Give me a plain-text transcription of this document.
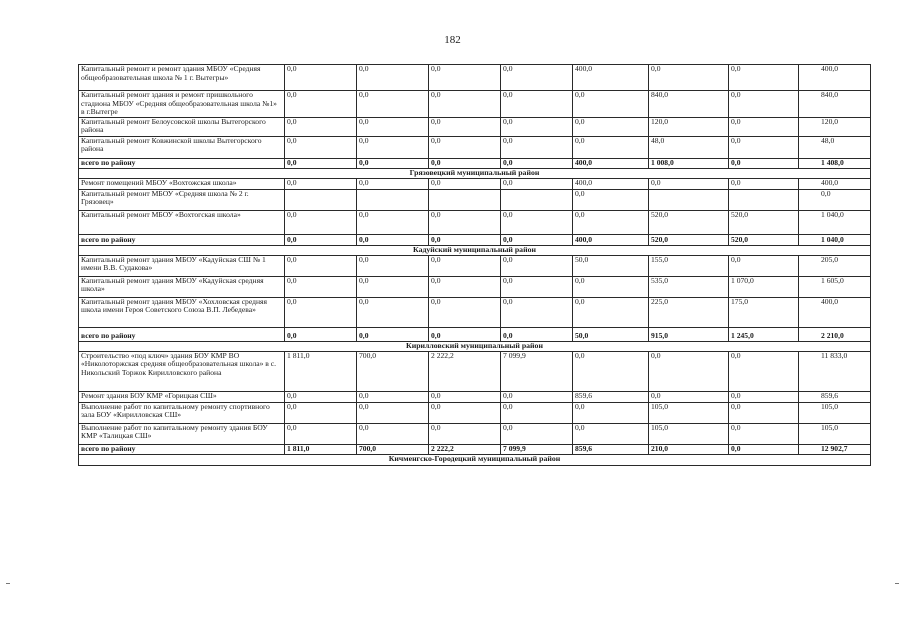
182
Капитальный ремонт и ремонт здания МБОУ «Средняя общеобразовательная школа № 1 г. Вытегры»	0,0	0,0	0,0	0,0	400,0	0,0	0,0	400,0
Капитальный ремонт здания и ремонт пришкольного стадиона МБОУ «Средняя общеобразовательная школа №1» в г.Вытегре	0,0	0,0	0,0	0,0	0,0	840,0	0,0	840,0
Капитальный ремонт Белоусовской школы Вытегорского района	0,0	0,0	0,0	0,0	0,0	120,0	0,0	120,0
Капитальный ремонт Ковжинской школы Вытегорского района	0,0	0,0	0,0	0,0	0,0	48,0	0,0	48,0
всего по району	0,0	0,0	0,0	0,0	400,0	1 008,0	0,0	1 408,0
Грязовецкий муниципальный район								
Ремонт помещений МБОУ «Вохтожская школа»	0,0	0,0	0,0	0,0	400,0	0,0	0,0	400,0
Капитальный ремонт МБОУ «Средняя школа № 2 г. Грязовец»					0,0			0,0
Капитальный ремонт МБОУ «Вохтогская школа»	0,0	0,0	0,0	0,0	0,0	520,0	520,0	1 040,0
всего по району	0,0	0,0	0,0	0,0	400,0	520,0	520,0	1 040,0
Кадуйский муниципальный район								
Капитальный ремонт здания МБОУ «Кадуйская СШ № 1 имени В.В. Судакова»	0,0	0,0	0,0	0,0	50,0	155,0	0,0	205,0
Капитальный ремонт здания МБОУ «Кадуйская средняя школа»	0,0	0,0	0,0	0,0	0,0	535,0	1 070,0	1 605,0
Капитальный ремонт здания МБОУ «Хохловская средняя школа имени Героя Советского Союза В.П. Лебедева»	0,0	0,0	0,0	0,0	0,0	225,0	175,0	400,0
всего по району	0,0	0,0	0,0	0,0	50,0	915,0	1 245,0	2 210,0
Кирилловский муниципальный район								
Строительство «под ключ» здания БОУ КМР ВО «Николоторжская средняя общеобразовательная школа» в с. Никольский Торжок Кирилловского района	1 811,0	700,0	2 222,2	7 099,9	0,0	0,0	0,0	11 833,0
Ремонт здания БОУ КМР «Горицкая СШ»	0,0	0,0	0,0	0,0	859,6	0,0	0,0	859,6
Выполнение работ по капитальному ремонту спортивного зала БОУ «Кирилловская СШ»	0,0	0,0	0,0	0,0	0,0	105,0	0,0	105,0
Выполнение работ по капитальному ремонту здания БОУ КМР «Талицкая СШ»	0,0	0,0	0,0	0,0	0,0	105,0	0,0	105,0
всего по району	1 811,0	700,0	2 222,2	7 099,9	859,6	210,0	0,0	12 902,7
Кичменгско-Городецкий муниципальный район								
